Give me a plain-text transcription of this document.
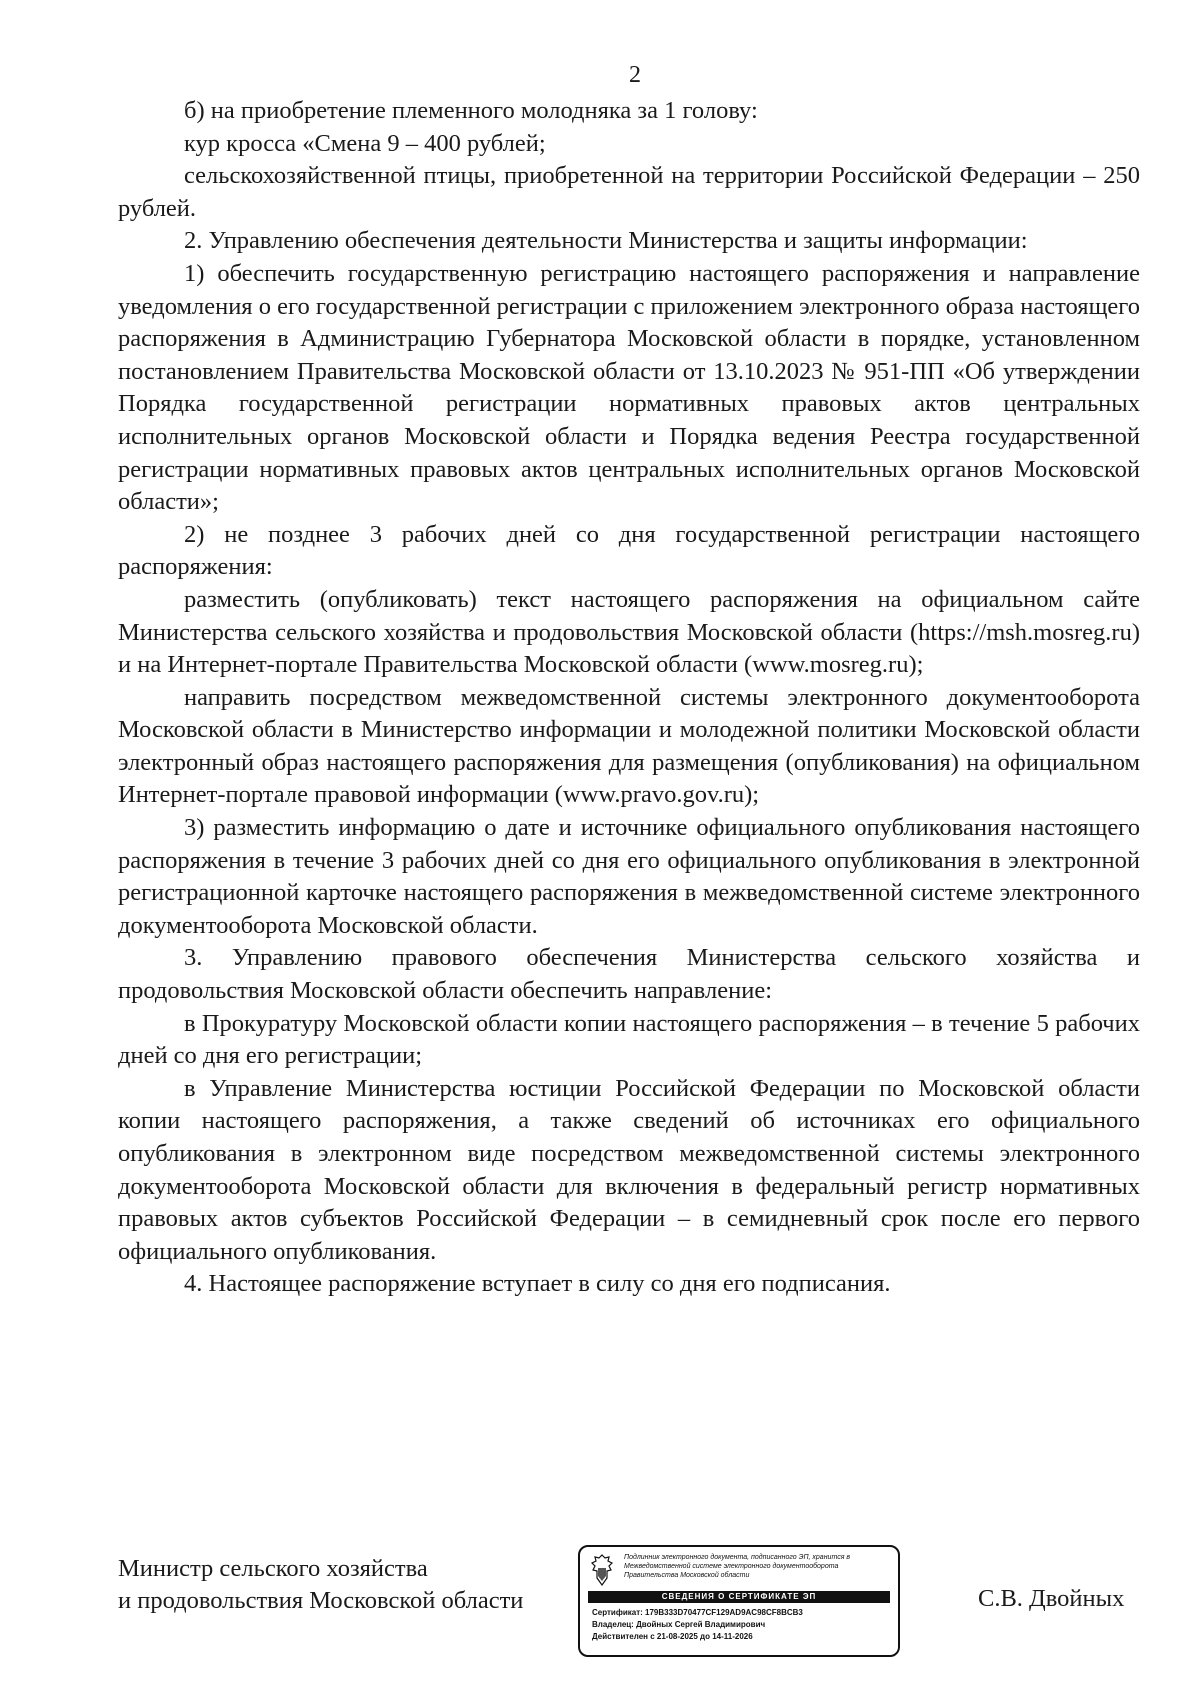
2

б) на приобретение племенного молодняка за 1 голову:

кур кросса «Смена 9 – 400 рублей;

сельскохозяйственной птицы, приобретенной на территории Российской Федерации – 250 рублей.

2. Управлению обеспечения деятельности Министерства и защиты информации:

1) обеспечить государственную регистрацию настоящего распоряжения и направление уведомления о его государственной регистрации с приложением электронного образа настоящего распоряжения в Администрацию Губернатора Московской области в порядке, установленном постановлением Правительства Московской области от 13.10.2023 № 951-ПП «Об утверждении Порядка государственной регистрации нормативных правовых актов центральных исполнительных органов Московской области и Порядка ведения Реестра государственной регистрации нормативных правовых актов центральных исполнительных органов Московской области»;

2) не позднее 3 рабочих дней со дня государственной регистрации настоящего распоряжения:

разместить (опубликовать) текст настоящего распоряжения на официальном сайте Министерства сельского хозяйства и продовольствия Московской области (https://msh.mosreg.ru) и на Интернет-портале Правительства Московской области (www.mosreg.ru);

направить посредством межведомственной системы электронного документооборота Московской области в Министерство информации и молодежной политики Московской области электронный образ настоящего распоряжения для размещения (опубликования) на официальном Интернет-портале правовой информации (www.pravo.gov.ru);

3) разместить информацию о дате и источнике официального опубликования настоящего распоряжения в течение 3 рабочих дней со дня его официального опубликования в электронной регистрационной карточке настоящего распоряжения в межведомственной системе электронного документооборота Московской области.

3. Управлению правового обеспечения Министерства сельского хозяйства и продовольствия Московской области обеспечить направление:

в Прокуратуру Московской области копии настоящего распоряжения – в течение 5 рабочих дней со дня его регистрации;

в Управление Министерства юстиции Российской Федерации по Московской области копии настоящего распоряжения, а также сведений об источниках его официального опубликования в электронном виде посредством межведомственной системы электронного документооборота Московской области для включения в федеральный регистр нормативных правовых актов субъектов Российской Федерации – в семидневный срок после его первого официального опубликования.

4. Настоящее распоряжение вступает в силу со дня его подписания.

Министр сельского хозяйства
и продовольствия Московской области
Подлинник электронного документа, подписанного ЭП, хранится в Межведомственной системе электронного документооборота Правительства Московской области
СВЕДЕНИЯ О СЕРТИФИКАТЕ ЭП
Сертификат: 179B333D70477CF129AD9AC98CF8BCB3
Владелец: Двойных Сергей Владимирович
Действителен с 21-08-2025 до 14-11-2026
С.В. Двойных
